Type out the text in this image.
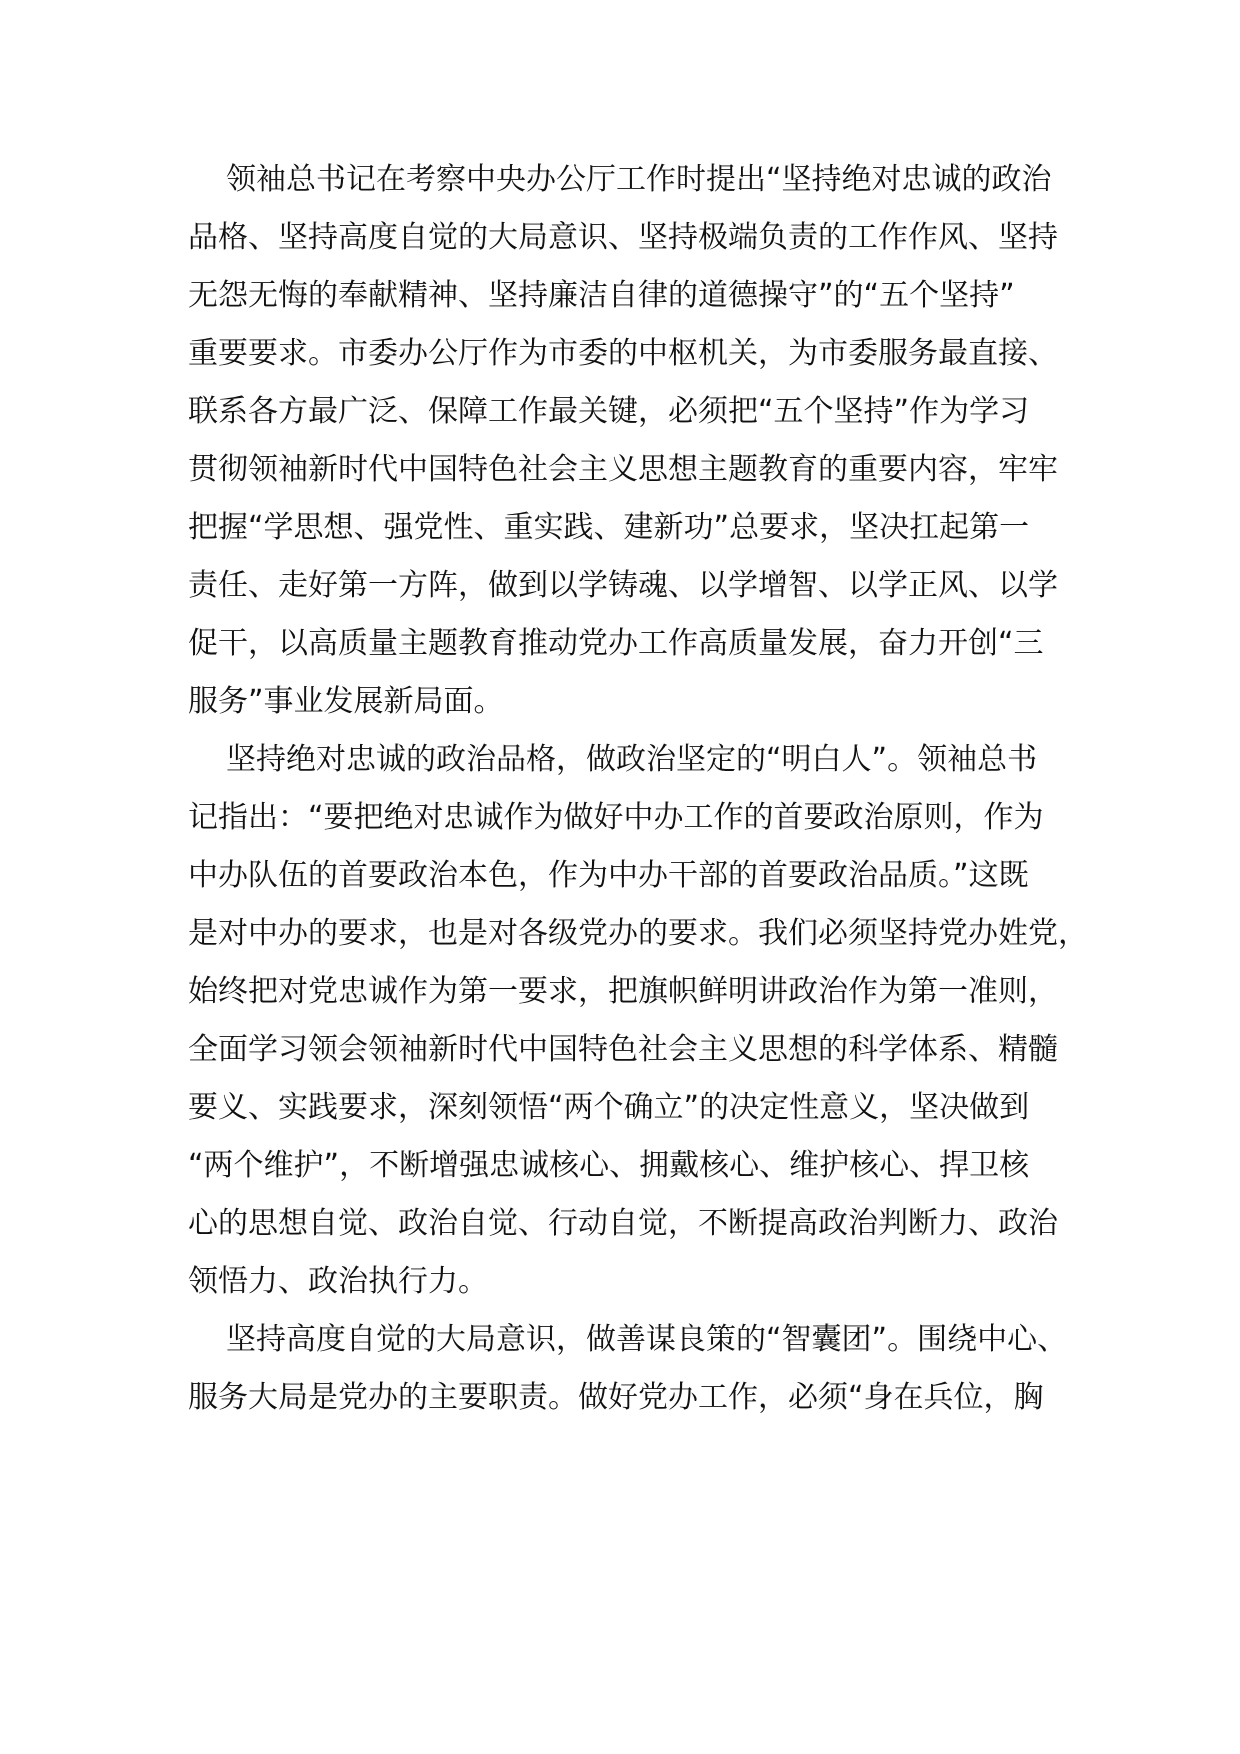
领袖总书记在考察中央办公厅工作时提出“坚持绝对忠诚的政治
品格、坚持高度自觉的大局意识、坚持极端负责的工作作风、坚持
无怨无悔的奉献精神、坚持廉洁自律的道德操守”的“五个坚持”
重要要求。市委办公厅作为市委的中枢机关，为市委服务最直接、
联系各方最广泛、保障工作最关键，必须把“五个坚持”作为学习
贯彻领袖新时代中国特色社会主义思想主题教育的重要内容，牢牢
把握“学思想、强党性、重实践、建新功”总要求，坚决扛起第一
责任、走好第一方阵，做到以学铸魂、以学增智、以学正风、以学
促干，以高质量主题教育推动党办工作高质量发展，奋力开创“三
服务”事业发展新局面。
坚持绝对忠诚的政治品格，做政治坚定的“明白人”。领袖总书
记指出：“要把绝对忠诚作为做好中办工作的首要政治原则，作为
中办队伍的首要政治本色，作为中办干部的首要政治品质。”这既
是对中办的要求，也是对各级党办的要求。我们必须坚持党办姓党，
始终把对党忠诚作为第一要求，把旗帜鲜明讲政治作为第一准则，
全面学习领会领袖新时代中国特色社会主义思想的科学体系、精髓
要义、实践要求，深刻领悟“两个确立”的决定性意义，坚决做到
“两个维护”，不断增强忠诚核心、拥戴核心、维护核心、捍卫核
心的思想自觉、政治自觉、行动自觉，不断提高政治判断力、政治
领悟力、政治执行力。
坚持高度自觉的大局意识，做善谋良策的“智囊团”。围绕中心、
服务大局是党办的主要职责。做好党办工作，必须“身在兵位，胸
